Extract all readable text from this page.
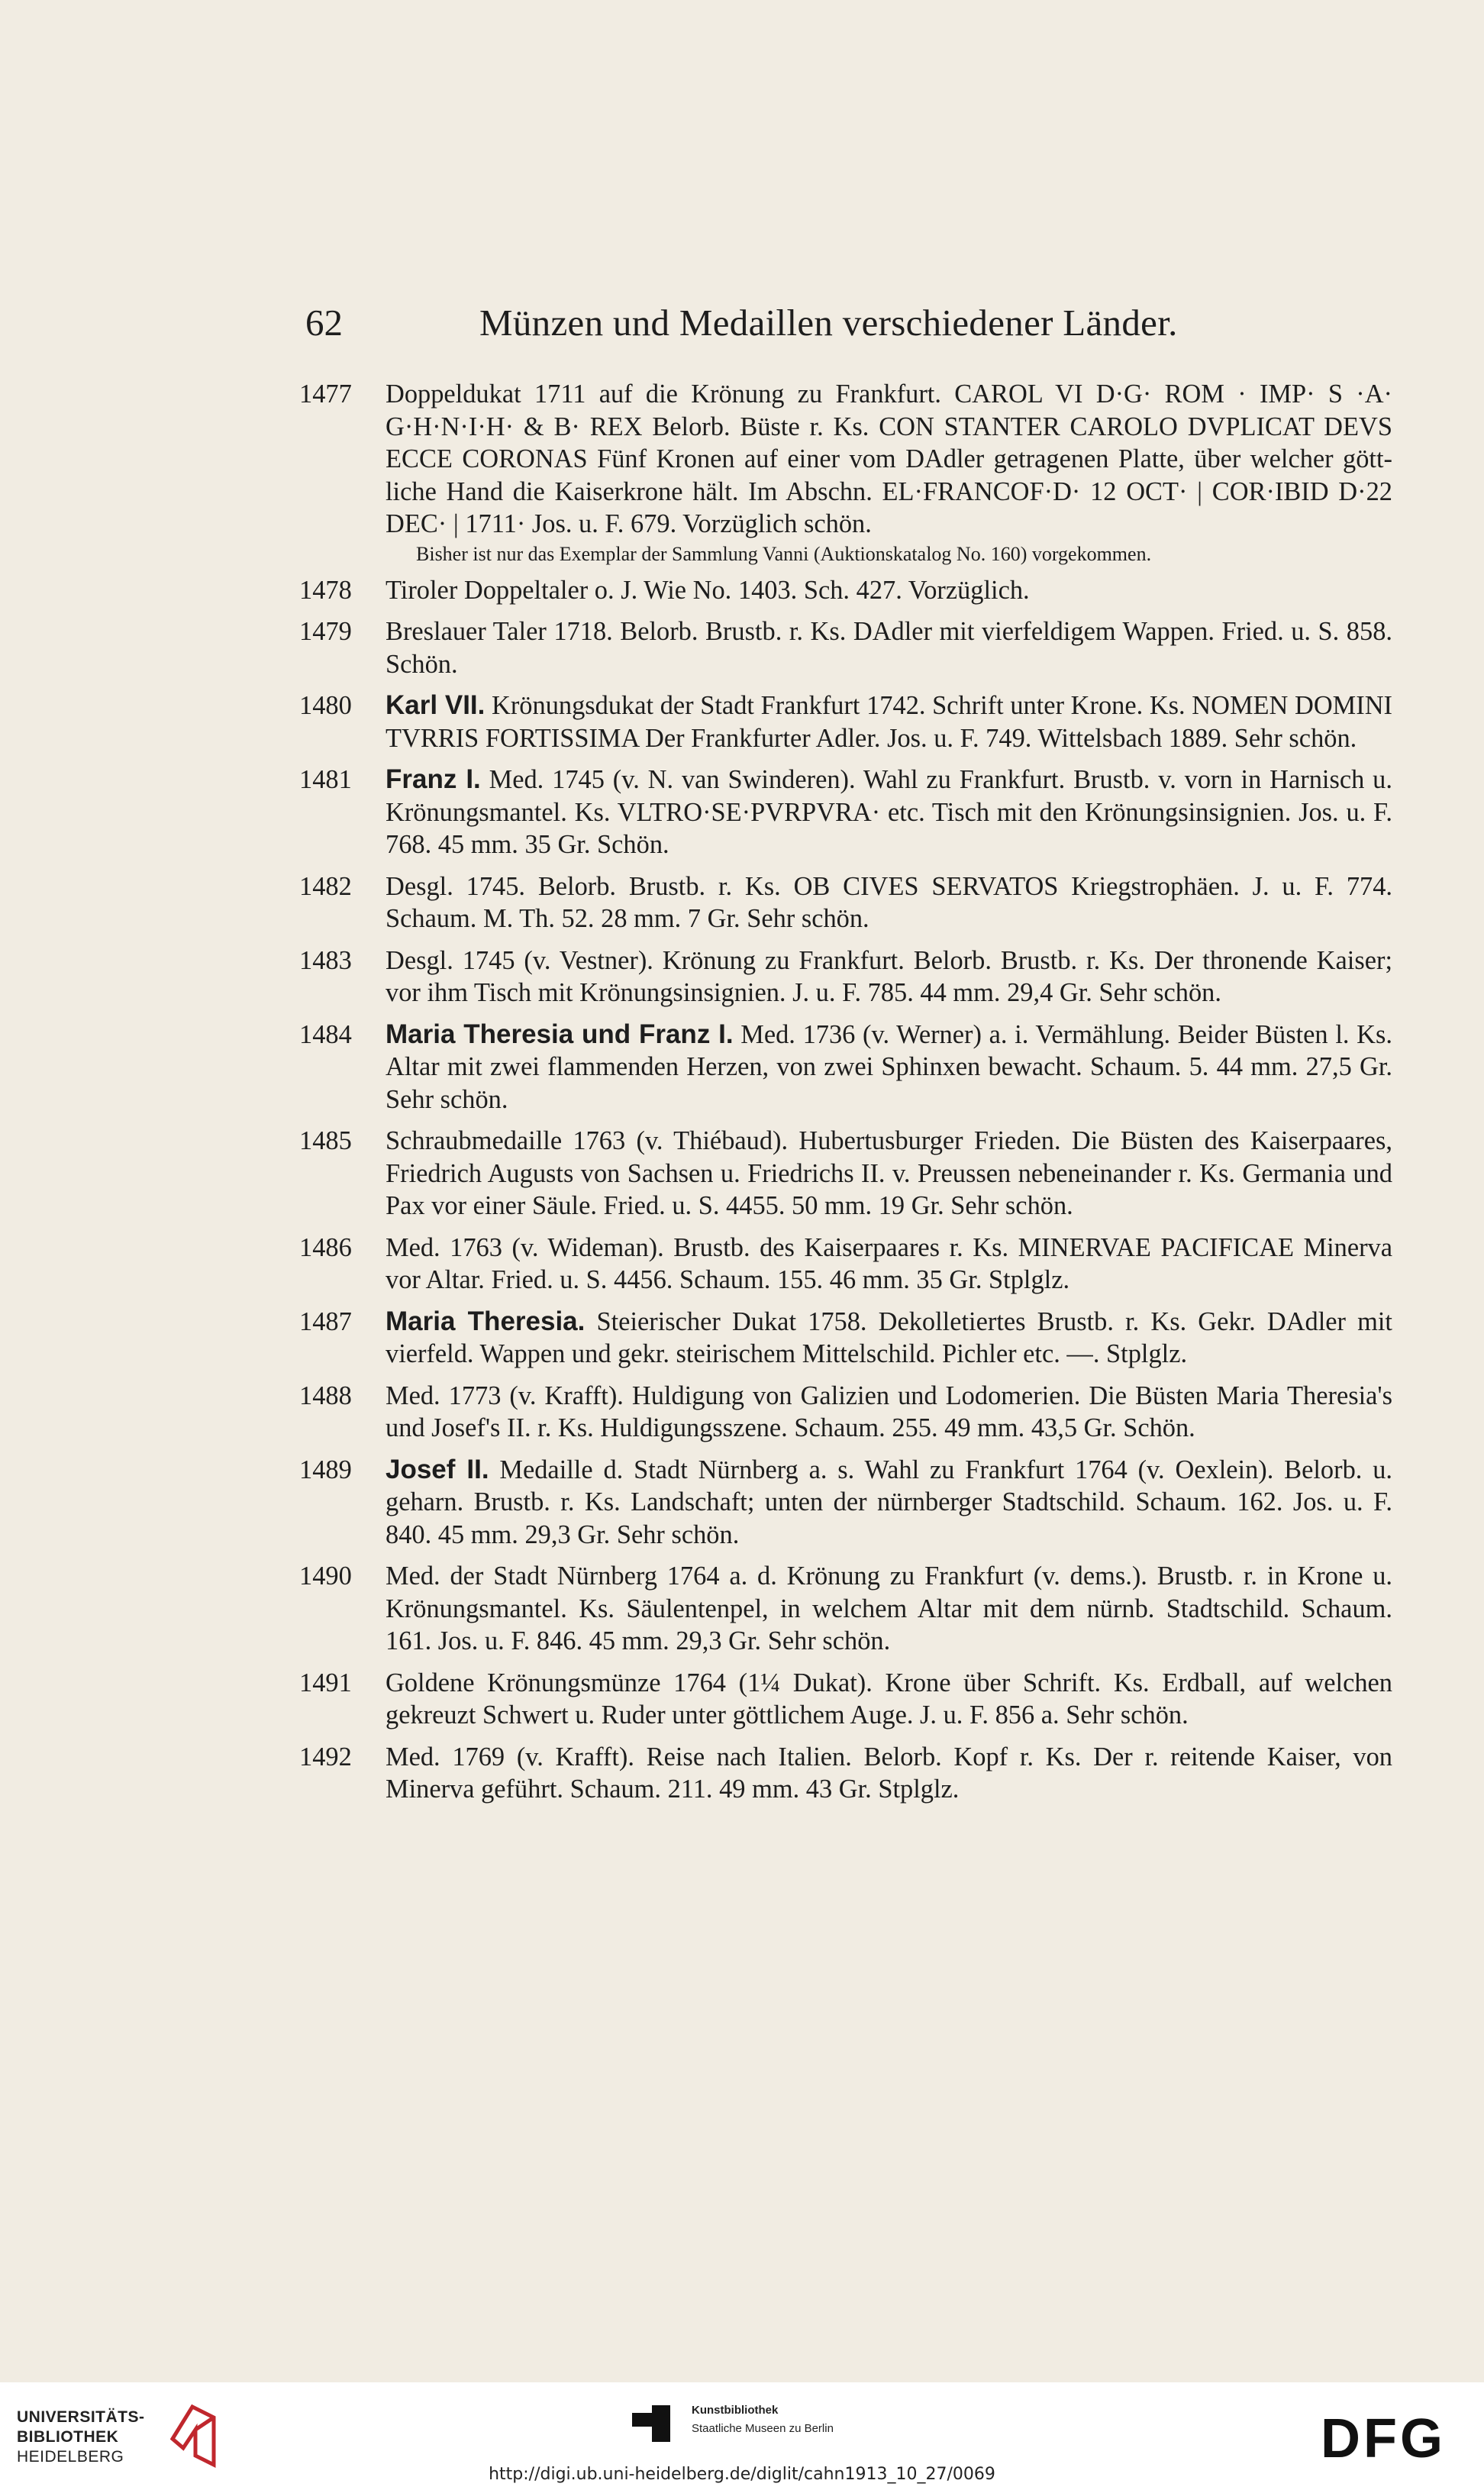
62	Münzen und Medaillen verschiedener Länder.
1477 Doppeldukat 1711 auf die Krönung zu Frankfurt. CAROL VI D·G· ROM · IMP· S ·A· G·H·N·I·H· & B· REX Belorb. Büste r. Ks. CON STANTER CAROLO DVPLICAT DEVS ECCE CORONAS Fünf Kronen auf einer vom DAdler getragenen Platte, über welcher göttliche Hand die Kaiserkrone hält. Im Abschn. EL·FRANCOF·D· 12 OCT· | COR·IBID D·22 DEC· | 1711· Jos. u. F. 679. Vorzüglich schön.
Bisher ist nur das Exemplar der Sammlung Vanni (Auktionskatalog No. 160) vorgekommen.
1478 Tiroler Doppeltaler o. J. Wie No. 1403. Sch. 427. Vorzüglich.
1479 Breslauer Taler 1718. Belorb. Brustb. r. Ks. DAdler mit vierfeldigem Wappen. Fried. u. S. 858. Schön.
1480 Karl VII. Krönungsdukat der Stadt Frankfurt 1742. Schrift unter Krone. Ks. NOMEN DOMINI TVRRIS FORTISSIMA Der Frankfurter Adler. Jos. u. F. 749. Wittelsbach 1889. Sehr schön.
1481 Franz I. Med. 1745 (v. N. van Swinderen). Wahl zu Frankfurt. Brustb. v. vorn in Harnisch u. Krönungsmantel. Ks. VLTRO·SE·PVRPVRA· etc. Tisch mit den Krönungsinsignien. Jos. u. F. 768. 45 mm. 35 Gr. Schön.
1482 Desgl. 1745. Belorb. Brustb. r. Ks. OB CIVES SERVATOS Kriegstrophäen. J. u. F. 774. Schaum. M. Th. 52. 28 mm. 7 Gr. Sehr schön.
1483 Desgl. 1745 (v. Vestner). Krönung zu Frankfurt. Belorb. Brustb. r. Ks. Der thronende Kaiser; vor ihm Tisch mit Krönungsinsignien. J. u. F. 785. 44 mm. 29,4 Gr. Sehr schön.
1484 Maria Theresia und Franz I. Med. 1736 (v. Werner) a. i. Vermählung. Beider Büsten l. Ks. Altar mit zwei flammenden Herzen, von zwei Sphinxen bewacht. Schaum. 5. 44 mm. 27,5 Gr. Sehr schön.
1485 Schraubmedaille 1763 (v. Thiébaud). Hubertusburger Frieden. Die Büsten des Kaiserpaares, Friedrich Augusts von Sachsen u. Friedrichs II. v. Preussen nebeneinander r. Ks. Germania und Pax vor einer Säule. Fried. u. S. 4455. 50 mm. 19 Gr. Sehr schön.
1486 Med. 1763 (v. Wideman). Brustb. des Kaiserpaares r. Ks. MINERVAE PACIFICAE Minerva vor Altar. Fried. u. S. 4456. Schaum. 155. 46 mm. 35 Gr. Stplglz.
1487 Maria Theresia. Steierischer Dukat 1758. Dekolletiertes Brustb. r. Ks. Gekr. DAdler mit vierfeld. Wappen und gekr. steirischem Mittelschild. Pichler etc. —. Stplglz.
1488 Med. 1773 (v. Krafft). Huldigung von Galizien und Lodomerien. Die Büsten Maria Theresia's und Josef's II. r. Ks. Huldigungsszene. Schaum. 255. 49 mm. 43,5 Gr. Schön.
1489 Josef II. Medaille d. Stadt Nürnberg a. s. Wahl zu Frankfurt 1764 (v. Oexlein). Belorb. u. geharn. Brustb. r. Ks. Landschaft; unten der nürnberger Stadtschild. Schaum. 162. Jos. u. F. 840. 45 mm. 29,3 Gr. Sehr schön.
1490 Med. der Stadt Nürnberg 1764 a. d. Krönung zu Frankfurt (v. dems.). Brustb. r. in Krone u. Krönungsmantel. Ks. Säulentenpel, in welchem Altar mit dem nürnb. Stadtschild. Schaum. 161. Jos. u. F. 846. 45 mm. 29,3 Gr. Sehr schön.
1491 Goldene Krönungsmünze 1764 (1¼ Dukat). Krone über Schrift. Ks. Erdball, auf welchen gekreuzt Schwert u. Ruder unter göttlichem Auge. J. u. F. 856 a. Sehr schön.
1492 Med. 1769 (v. Krafft). Reise nach Italien. Belorb. Kopf r. Ks. Der r. reitende Kaiser, von Minerva geführt. Schaum. 211. 49 mm. 43 Gr. Stplglz.
UNIVERSITÄTS-
BIBLIOTHEK
HEIDELBERG
Kunstbibliothek
Staatliche Museen zu Berlin	DFG
http://digi.ub.uni-heidelberg.de/diglit/cahn1913_10_27/0069
